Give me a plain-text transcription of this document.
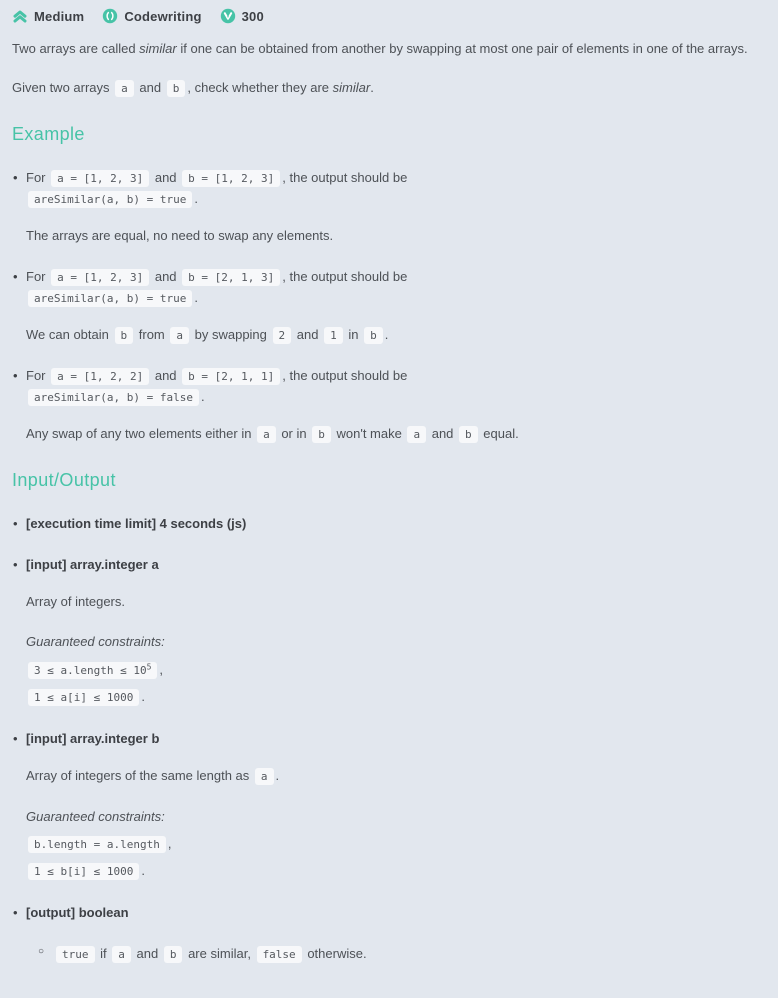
Medium	Codewriting	300

Two arrays are called similar if one can be obtained from another by swapping at most one pair of elements in one of the arrays.

Given two arrays a and b , check whether they are similar.

Example
• For a = [1, 2, 3] and b = [1, 2, 3] , the output should be
areSimilar(a, b) = true .

The arrays are equal, no need to swap any elements.

• For a = [1, 2, 3] and b = [2, 1, 3] , the output should be
areSimilar(a, b) = true .

We can obtain b from a by swapping 2 and 1 in b .

• For a = [1, 2, 2] and b = [2, 1, 1] , the output should be
areSimilar(a, b) = false .

Any swap of any two elements either in a or in b won't make a and b equal.

Input/Output
• [execution time limit] 4 seconds (js)
• [input] array.integer a

Array of integers.

Guaranteed constraints:

3 ≤ a.length ≤ $10^5$ ,

1 ≤ a[i] ≤ 1000 .

• [input] array.integer b

Array of integers of the same length as a .

Guaranteed constraints:

b.length = a.length ,

1 ≤ b[i] ≤ 1000 .

• [output] boolean
○ true if a and b are similar, false otherwise.
